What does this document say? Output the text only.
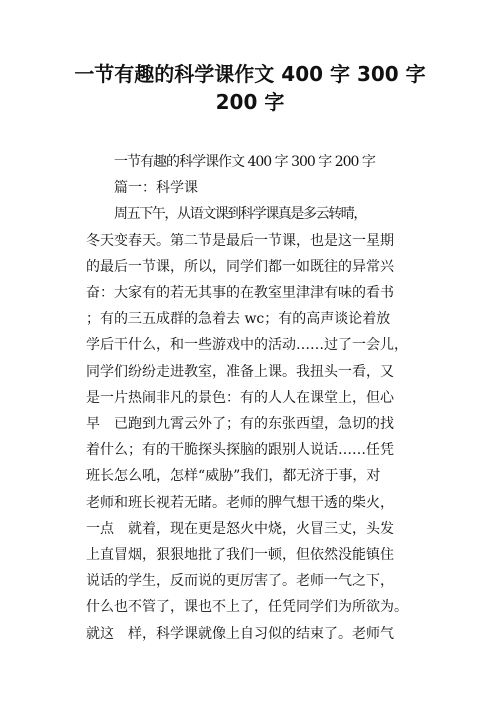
一节有趣的科学课作文 400 字 300 字
200 字
一节有趣的科学课作文 400 字 300 字 200 字
篇一：科学课
周五下午，从语文课到科学课真是多云转晴，
冬天变春天。第二节是最后一节课，也是这一星期
的最后一节课，所以，同学们都一如既往的异常兴
奋：大家有的若无其事的在教室里津津有味的看书
；有的三五成群的急着去 wc；有的高声谈论着放
学后干什么，和一些游戏中的活动……过了一会儿，
同学们纷纷走进教室，准备上课。我扭头一看，又
是一片热闹非凡的景色：有的人人在课堂上，但心
早　已跑到九霄云外了；有的东张西望，急切的找
着什么；有的干脆探头探脑的跟别人说话……任凭
班长怎么吼，怎样“威胁”我们，都无济于事，对
老师和班长视若无睹。老师的脾气想干透的柴火，
一点　就着，现在更是怒火中烧，火冒三丈，头发
上直冒烟，狠狠地批了我们一顿，但依然没能镇住
说话的学生，反而说的更厉害了。老师一气之下，
什么也不管了，课也不上了，任凭同学们为所欲为。
就这　样，科学课就像上自习似的结束了。老师气
